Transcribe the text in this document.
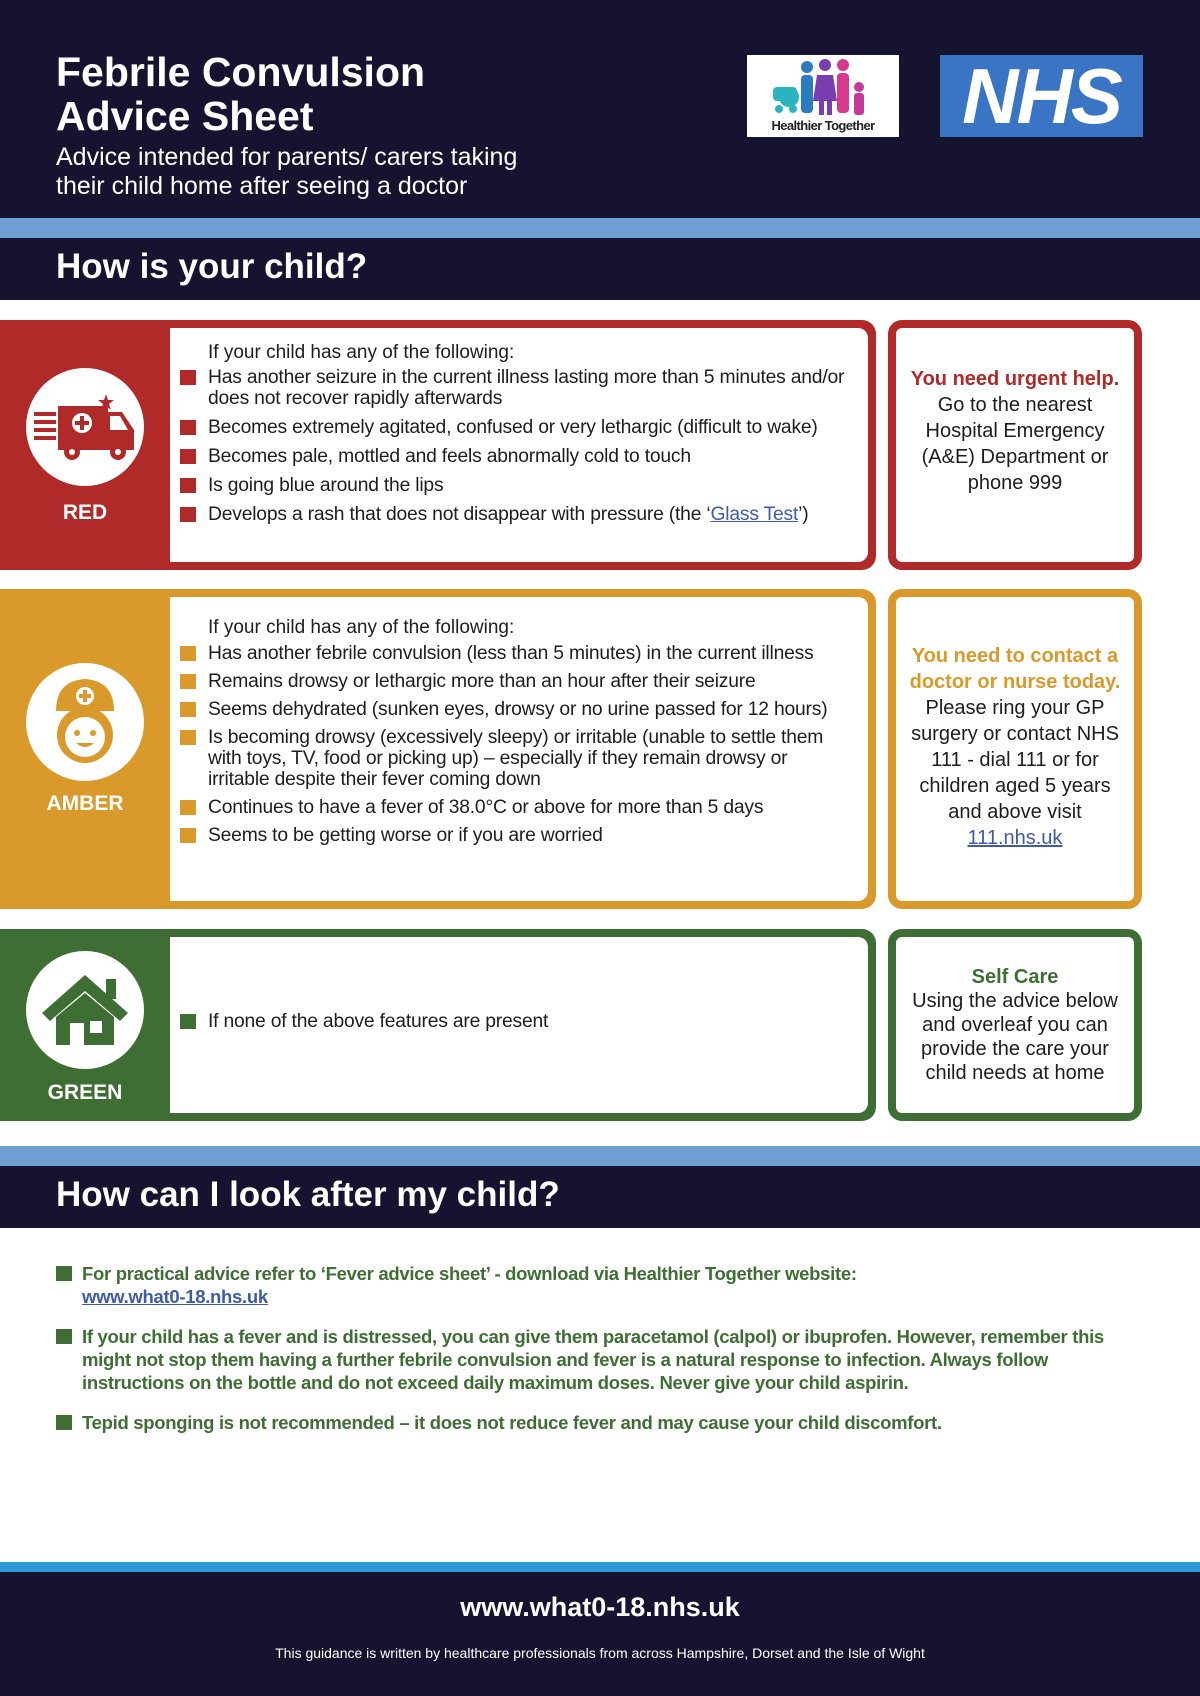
Febrile Convulsion
Advice Sheet
Advice intended for parents/ carers taking
their child home after seeing a doctor
Healthier Together	NHS
How is your child?
RED
If your child has any of the following:
Has another seizure in the current illness lasting more than 5 minutes and/or does not recover rapidly afterwards
Becomes extremely agitated, confused or very lethargic (difficult to wake)
Becomes pale, mottled and feels abnormally cold to touch
Is going blue around the lips
Develops a rash that does not disappear with pressure (the ‘Glass Test’)
You need urgent help.
Go to the nearest Hospital Emergency (A&E) Department or phone 999
AMBER
If your child has any of the following:
Has another febrile convulsion (less than 5 minutes) in the current illness
Remains drowsy or lethargic more than an hour after their seizure
Seems dehydrated (sunken eyes, drowsy or no urine passed for 12 hours)
Is becoming drowsy (excessively sleepy) or irritable (unable to settle them with toys, TV, food or picking up) – especially if they remain drowsy or irritable despite their fever coming down
Continues to have a fever of 38.0°C or above for more than 5 days
Seems to be getting worse or if you are worried
You need to contact a doctor or nurse today.
Please ring your GP surgery or contact NHS 111 - dial 111 or for children aged 5 years and above visit
111.nhs.uk
GREEN
If none of the above features are present
Self Care
Using the advice below and overleaf you can provide the care your child needs at home
How can I look after my child?
For practical advice refer to ‘Fever advice sheet’ - download via Healthier Together website:
www.what0-18.nhs.uk
If your child has a fever and is distressed, you can give them paracetamol (calpol) or ibuprofen. However, remember this might not stop them having a further febrile convulsion and fever is a natural response to infection. Always follow instructions on the bottle and do not exceed daily maximum doses. Never give your child aspirin.
Tepid sponging is not recommended – it does not reduce fever and may cause your child discomfort.
www.what0-18.nhs.uk
This guidance is written by healthcare professionals from across Hampshire, Dorset and the Isle of Wight
